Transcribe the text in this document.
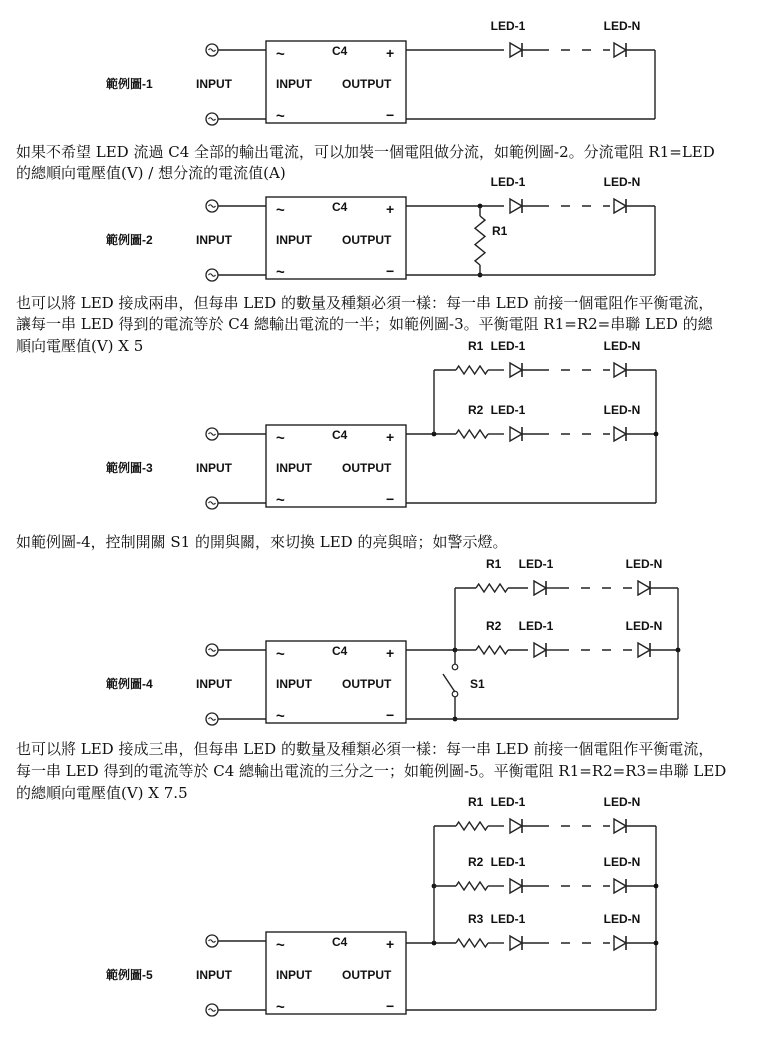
如果不希望 LED 流過 C4 全部的輸出電流，可以加裝一個電阻做分流，如範例圖-2。分流電阻 R1=LED
的總順向電壓值(V) / 想分流的電流值(A)
也可以將 LED 接成兩串，但每串 LED 的數量及種類必須一樣：每一串 LED 前接一個電阻作平衡電流，
讓每一串 LED 得到的電流等於 C4 總輸出電流的一半；如範例圖-3。平衡電阻 R1=R2=串聯 LED 的總
順向電壓值(V) X 5
如範例圖-4，控制開關 S1 的開與關，來切換 LED 的亮與暗；如警示燈。
也可以將 LED 接成三串，但每串 LED 的數量及種類必須一樣：每一串 LED 前接一個電阻作平衡電流，
每一串 LED 得到的電流等於 C4 總輸出電流的三分之一；如範例圖-5。平衡電阻 R1=R2=R3=串聯 LED
的總順向電壓值(V) X 7.5
C4
~
~
+
−
INPUT	OUTPUT
INPUT
範例圖-1
LED-1	LED-N
C4
~
~
+
−
INPUT	OUTPUT
INPUT
範例圖-2
LED-1	LED-N
R1
C4
~
~
+
−
INPUT	OUTPUT
INPUT
範例圖-3
R1 LED-1	LED-N
R2 LED-1	LED-N
C4
~
~
+
−
INPUT	OUTPUT
INPUT
範例圖-4
R1 LED-1	LED-N
R2 LED-1	LED-N
S1
C4
~
~
+
−
INPUT	OUTPUT
INPUT
範例圖-5
R1 LED-1	LED-N
R2 LED-1	LED-N
R3 LED-1	LED-N
